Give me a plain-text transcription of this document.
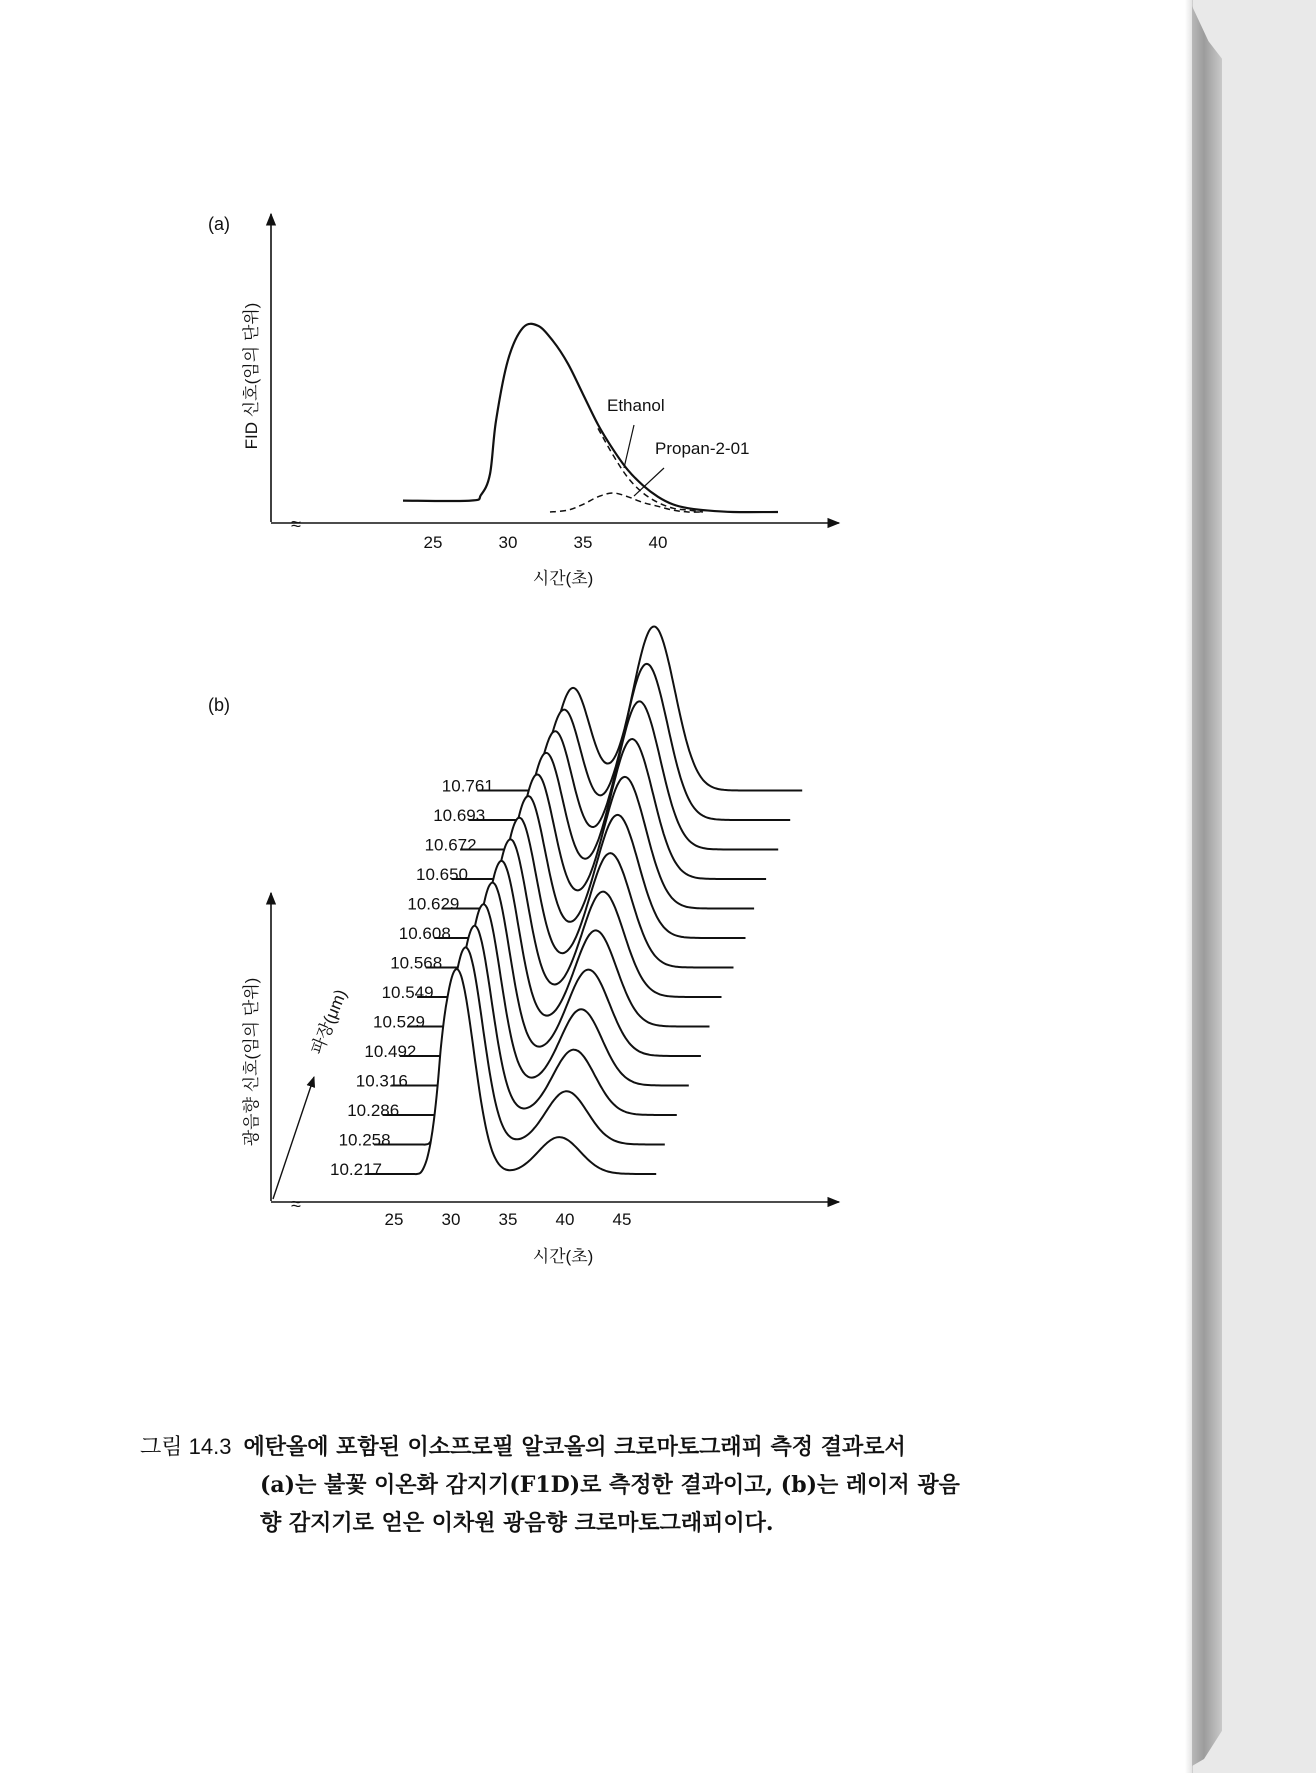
(a)
≈
FID 신호(임의 단위)
시간(초)
25	30	35	40
Ethanol
Propan-2-01
(b)
≈
광음향 신호(임의 단위)	파장(μm)
시간(초)
25 30 35 40 45
10.761
10.693
10.672
10.650
10.629
10.608
10.568
10.549
10.529
10.492
10.316
10.286
10.258
10.217
그림 14.3 에탄올에 포함된 이소프로필 알코올의 크로마토그래피 측정 결과로서
(a)는 불꽃 이온화 감지기(F1D)로 측정한 결과이고, (b)는 레이저 광음
향 감지기로 얻은 이차원 광음향 크로마토그래피이다.
